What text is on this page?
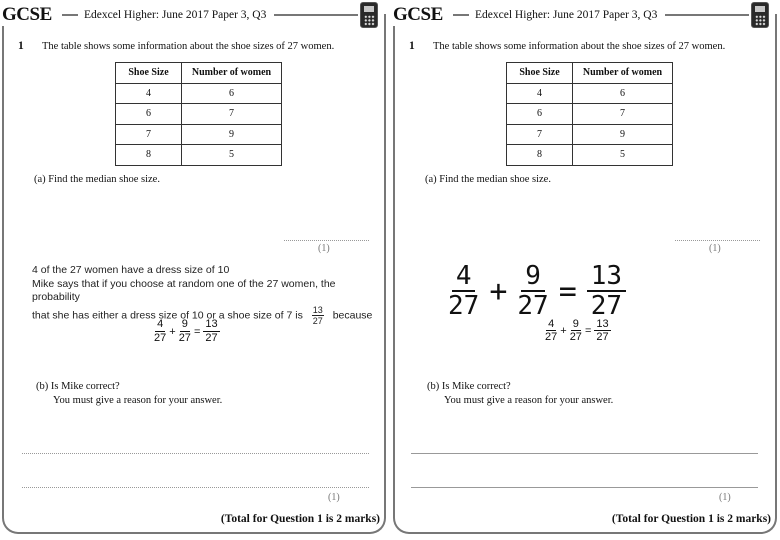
GCSE	Edexcel Higher: June 2017 Paper 3, Q3
1 The table shows some information about the shoe sizes of 27 women.
Shoe Size	Number of women
4	6
6	7
7	9
8	5
(a) Find the median shoe size.
(1)
4 of the 27 women have a dress size of 10
Mike says that if you choose at random one of the 27 women, the probability
that she has either a dress size of 10 or a shoe size of 7 is $\frac{13}{27}$ because
$\frac{4}{27} + \frac{9}{27} = \frac{13}{27}$
(b) Is Mike correct?
You must give a reason for your answer.
(1)
(Total for Question 1 is 2 marks)
GCSE	Edexcel Higher: June 2017 Paper 3, Q3
1 The table shows some information about the shoe sizes of 27 women.
Shoe Size	Number of women
4	6
6	7
7	9
8	5
(a) Find the median shoe size.
(1)
$\frac{4}{27} + \frac{9}{27} = \frac{13}{27}$
$\frac{4}{27} + \frac{9}{27} = \frac{13}{27}$
(b) Is Mike correct?
You must give a reason for your answer.
(1)
(Total for Question 1 is 2 marks)
